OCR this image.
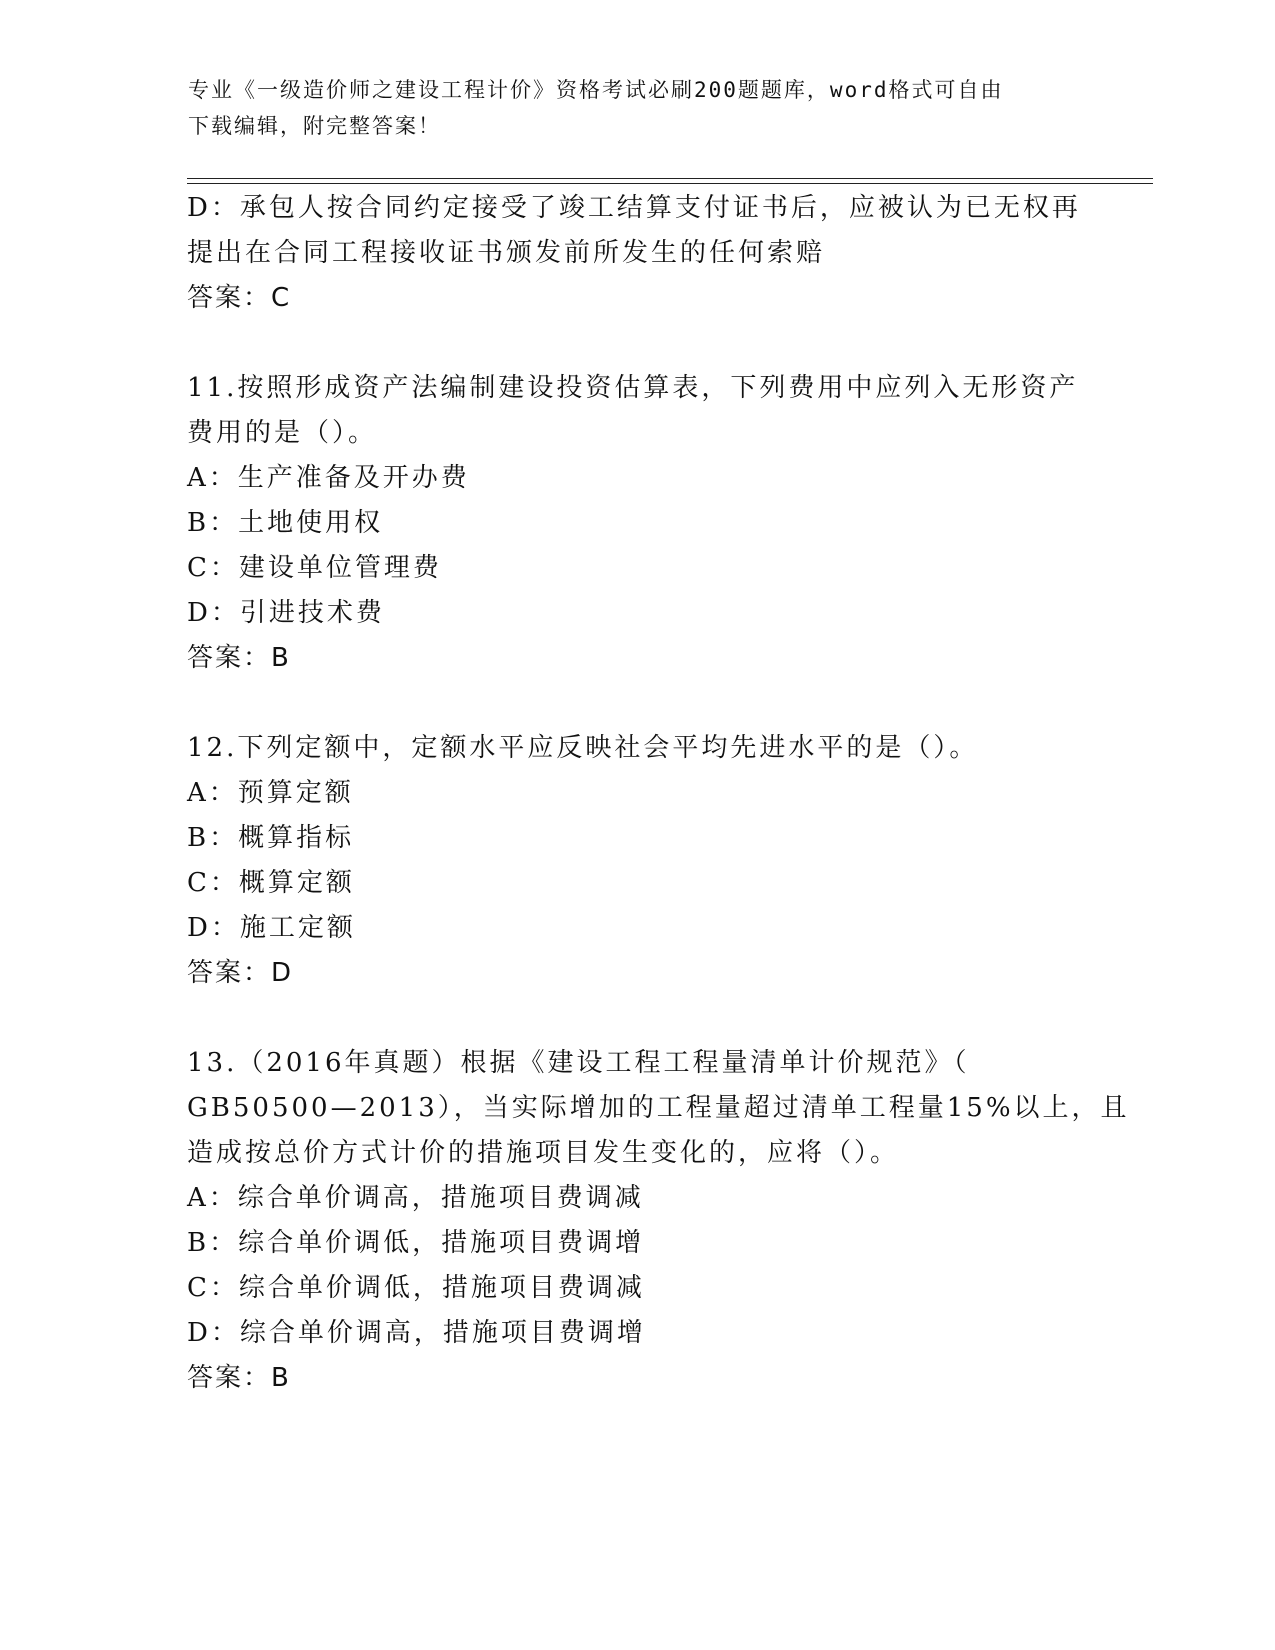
专业《一级造价师之建设工程计价》资格考试必刷200题题库，word格式可自由
下载编辑，附完整答案！
D：承包人按合同约定接受了竣工结算支付证书后，应被认为已无权再
提出在合同工程接收证书颁发前所发生的任何索赔
答案：C
11.按照形成资产法编制建设投资估算表，下列费用中应列入无形资产
费用的是（）。
A：生产准备及开办费
B：土地使用权
C：建设单位管理费
D：引进技术费
答案：B
12.下列定额中，定额水平应反映社会平均先进水平的是（）。
A：预算定额
B：概算指标
C：概算定额
D：施工定额
答案：D
13.（2016年真题）根据《建设工程工程量清单计价规范》（
GB50500—2013），当实际增加的工程量超过清单工程量15%以上，且
造成按总价方式计价的措施项目发生变化的，应将（）。
A：综合单价调高，措施项目费调减
B：综合单价调低，措施项目费调增
C：综合单价调低，措施项目费调减
D：综合单价调高，措施项目费调增
答案：B
